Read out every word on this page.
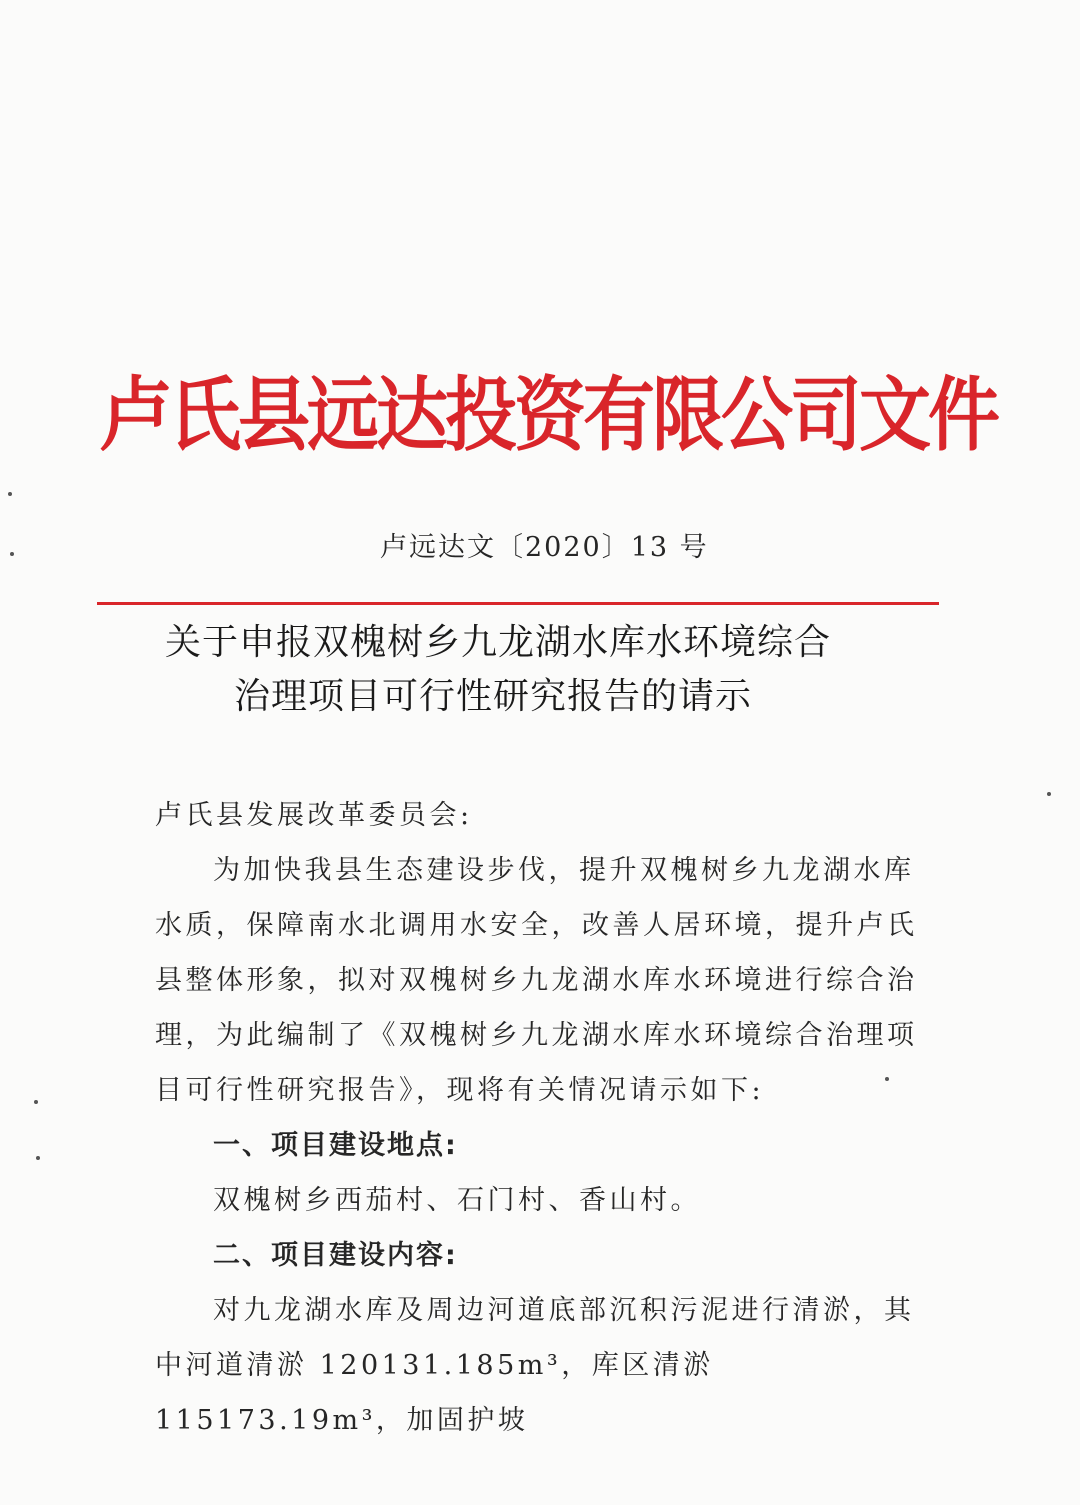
卢氏县远达投资有限公司文件
卢远达文〔2020〕13 号
关于申报双槐树乡九龙湖水库水环境综合
治理项目可行性研究报告的请示

卢氏县发展改革委员会:

为加快我县生态建设步伐，提升双槐树乡九龙湖水库水质，保障南水北调用水安全，改善人居环境，提升卢氏县整体形象，拟对双槐树乡九龙湖水库水环境进行综合治理，为此编制了《双槐树乡九龙湖水库水环境综合治理项目可行性研究报告》，现将有关情况请示如下:

一、项目建设地点:

双槐树乡西茄村、石门村、香山村。

二、项目建设内容:

对九龙湖水库及周边河道底部沉积污泥进行清淤，其中河道清淤 120131.185m³，库区清淤 115173.19m³，加固护坡
